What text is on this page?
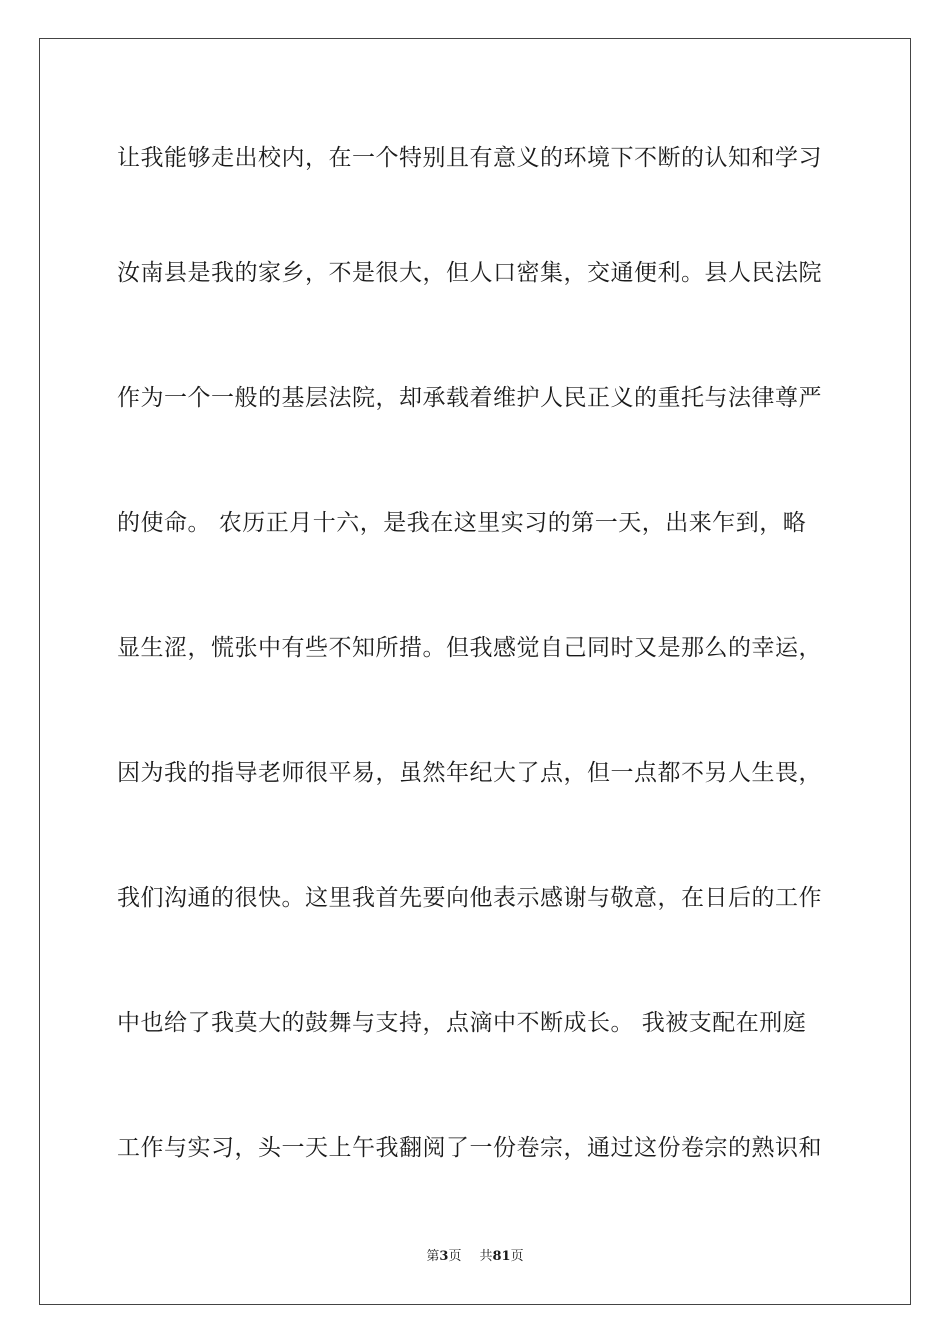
让我能够走出校内，在一个特别且有意义的环境下不断的认知和学习
汝南县是我的家乡，不是很大，但人口密集，交通便利。县人民法院
作为一个一般的基层法院，却承载着维护人民正义的重托与法律尊严
的使命。 农历正月十六，是我在这里实习的第一天，出来乍到，略
显生涩，慌张中有些不知所措。但我感觉自己同时又是那么的幸运，
因为我的指导老师很平易，虽然年纪大了点，但一点都不另人生畏，
我们沟通的很快。这里我首先要向他表示感谢与敬意，在日后的工作
中也给了我莫大的鼓舞与支持，点滴中不断成长。 我被支配在刑庭
工作与实习，头一天上午我翻阅了一份卷宗，通过这份卷宗的熟识和
第3页 共81页
